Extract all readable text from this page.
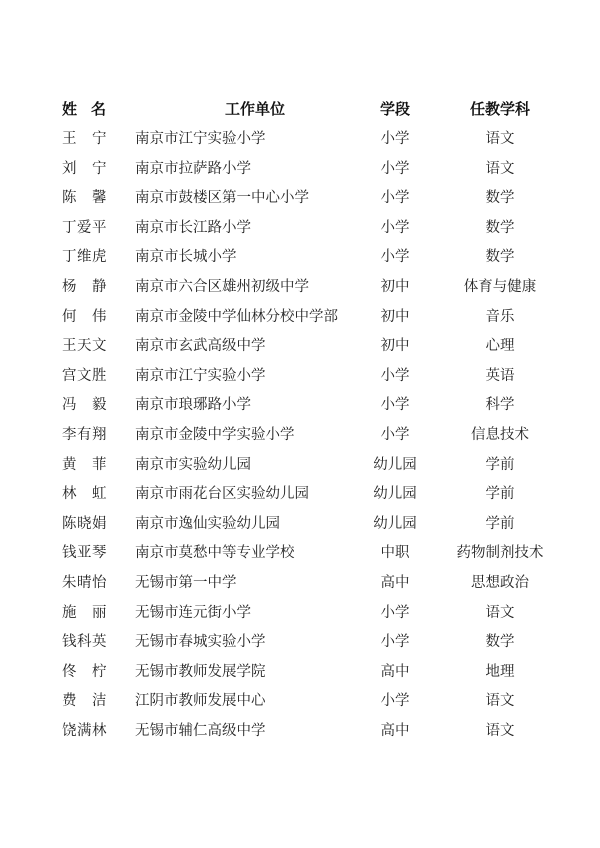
姓名	工作单位	学段	任教学科
王　宁	南京市江宁实验小学	小学	语文
刘　宁	南京市拉萨路小学	小学	语文
陈　馨	南京市鼓楼区第一中心小学	小学	数学
丁爱平	南京市长江路小学	小学	数学
丁维虎	南京市长城小学	小学	数学
杨　静	南京市六合区雄州初级中学	初中	体育与健康
何　伟	南京市金陵中学仙林分校中学部	初中	音乐
王天文	南京市玄武高级中学	初中	心理
宫文胜	南京市江宁实验小学	小学	英语
冯　毅	南京市琅琊路小学	小学	科学
李有翔	南京市金陵中学实验小学	小学	信息技术
黄　菲	南京市实验幼儿园	幼儿园	学前
林　虹	南京市雨花台区实验幼儿园	幼儿园	学前
陈晓娟	南京市逸仙实验幼儿园	幼儿园	学前
钱亚琴	南京市莫愁中等专业学校	中职	药物制剂技术
朱晴怡	无锡市第一中学	高中	思想政治
施　丽	无锡市连元街小学	小学	语文
钱科英	无锡市春城实验小学	小学	数学
佟　柠	无锡市教师发展学院	高中	地理
费　洁	江阴市教师发展中心	小学	语文
饶满林	无锡市辅仁高级中学	高中	语文
